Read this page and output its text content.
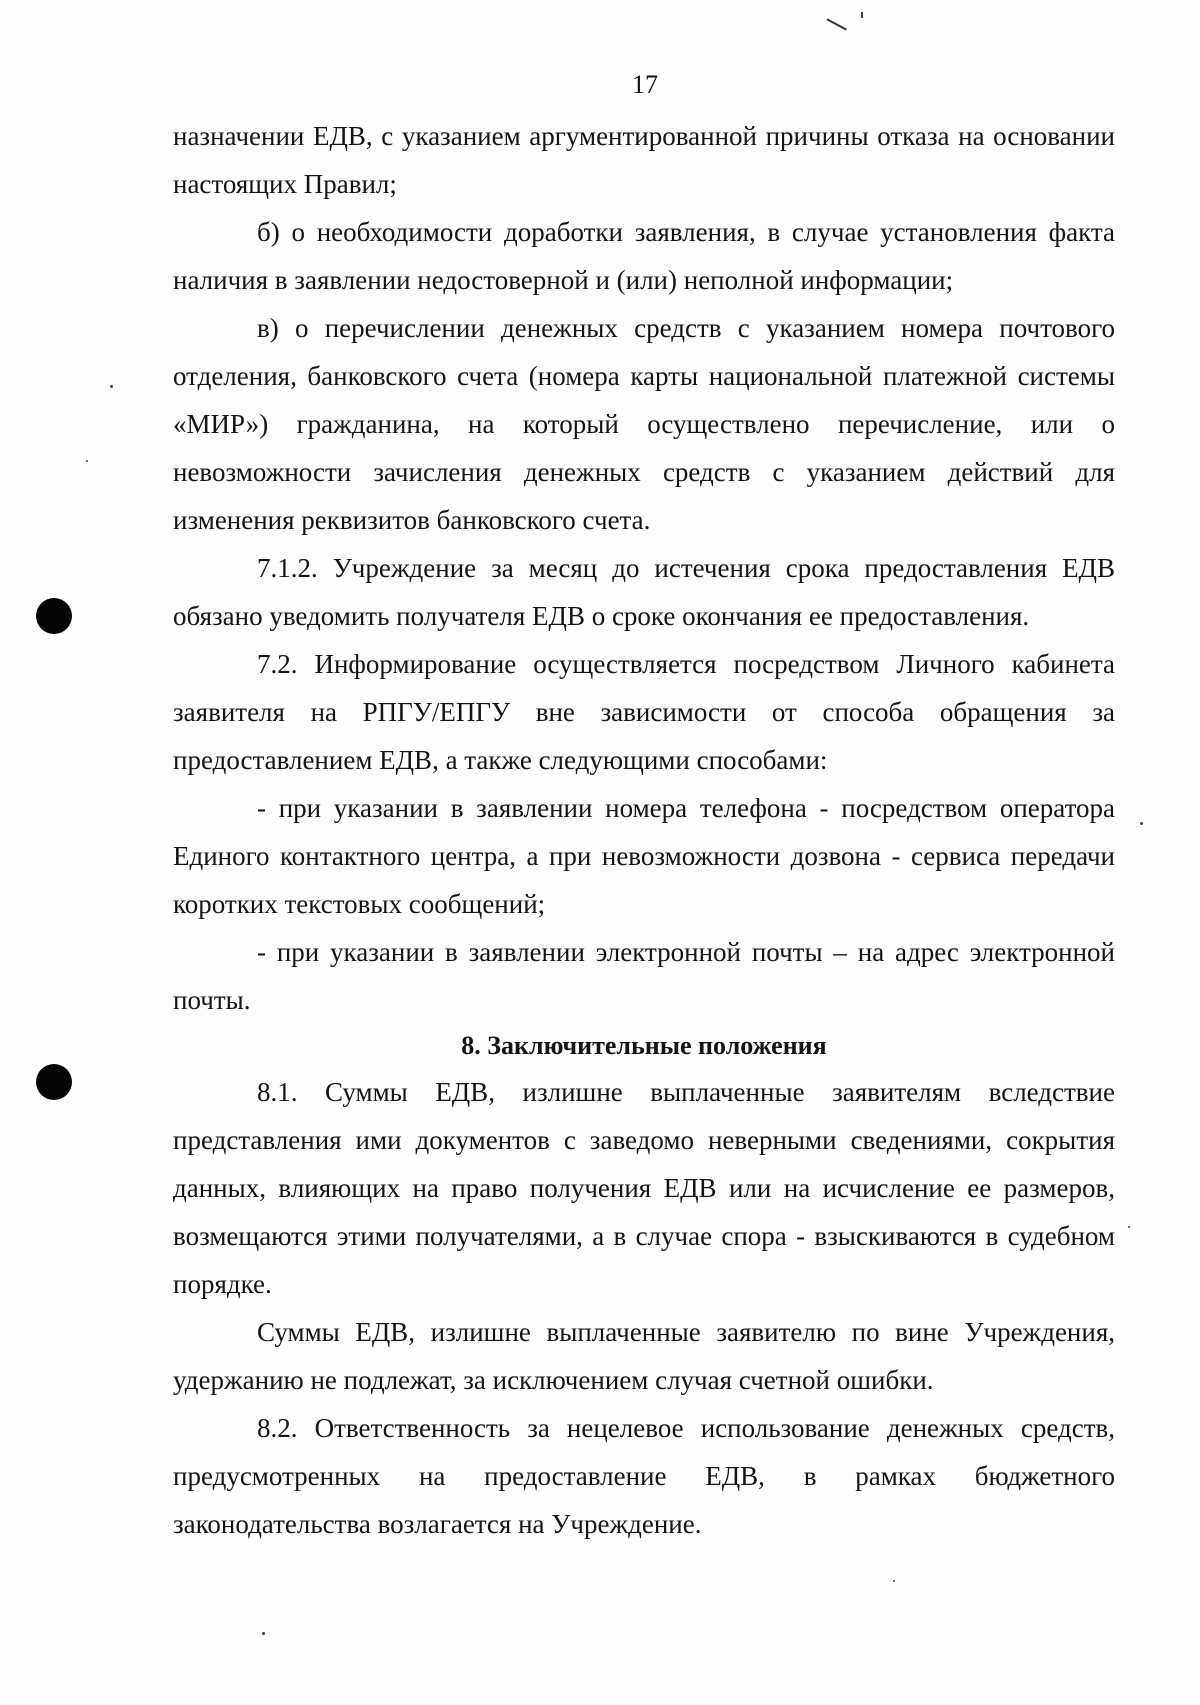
17

назначении ЕДВ, с указанием аргументированной причины отказа на основании настоящих Правил;

б) о необходимости доработки заявления, в случае установления факта наличия в заявлении недостоверной и (или) неполной информации;

в) о перечислении денежных средств с указанием номера почтового отделения, банковского счета (номера карты национальной платежной системы «МИР») гражданина, на который осуществлено перечисление, или о невозможности зачисления денежных средств с указанием действий для изменения реквизитов банковского счета.

7.1.2. Учреждение за месяц до истечения срока предоставления ЕДВ обязано уведомить получателя ЕДВ о сроке окончания ее предоставления.

7.2. Информирование осуществляется посредством Личного кабинета заявителя на РПГУ/ЕПГУ вне зависимости от способа обращения за предоставлением ЕДВ, а также следующими способами:

- при указании в заявлении номера телефона - посредством оператора Единого контактного центра, а при невозможности дозвона - сервиса передачи коротких текстовых сообщений;

- при указании в заявлении электронной почты – на адрес электронной почты.

8. Заключительные положения

8.1. Суммы ЕДВ, излишне выплаченные заявителям вследствие представления ими документов с заведомо неверными сведениями, сокрытия данных, влияющих на право получения ЕДВ или на исчисление ее размеров, возмещаются этими получателями, а в случае спора - взыскиваются в судебном порядке.

Суммы ЕДВ, излишне выплаченные заявителю по вине Учреждения, удержанию не подлежат, за исключением случая счетной ошибки.

8.2. Ответственность за нецелевое использование денежных средств, предусмотренных на предоставление ЕДВ, в рамках бюджетного законодательства возлагается на Учреждение.
